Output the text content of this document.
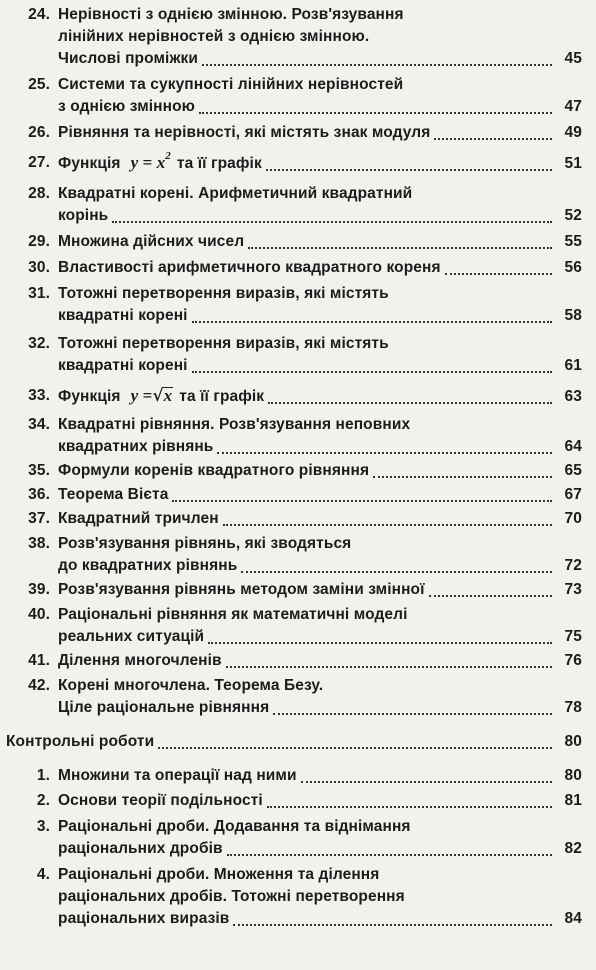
24. Нерівності з однією змінною. Розв'язування
лінійних нерівностей з однією змінною.
Числові проміжки	45
25. Системи та сукупності лінійних нерівностей
з однією змінною	47
26. Рівняння та нерівності, які містять знак модуля	49
27. Функція $y = x^2$ та її графік	51
28. Квадратні корені. Арифметичний квадратний
корінь	52
29. Множина дійсних чисел	55
30. Властивості арифметичного квадратного кореня	56
31. Тотожні перетворення виразів, які містять
квадратні корені	58
32. Тотожні перетворення виразів, які містять
квадратні корені	61
33. Функція y =√x та її графік	63
34. Квадратні рівняння. Розв'язування неповних
квадратних рівнянь	64
35. Формули коренів квадратного рівняння	65
36. Теорема Вієта	67
37. Квадратний тричлен	70
38. Розв'язування рівнянь, які зводяться
до квадратних рівнянь	72
39. Розв'язування рівнянь методом заміни змінної	73
40. Раціональні рівняння як математичні моделі
реальних ситуацій	75
41. Ділення многочленів	76
42. Корені многочлена. Теорема Безу.
Ціле раціональне рівняння	78
Контрольні роботи	80
1. Множини та операції над ними	80
2. Основи теорії подільності	81
3. Раціональні дроби. Додавання та віднімання
раціональних дробів	82
4. Раціональні дроби. Множення та ділення
раціональних дробів. Тотожні перетворення
раціональних виразів	84
